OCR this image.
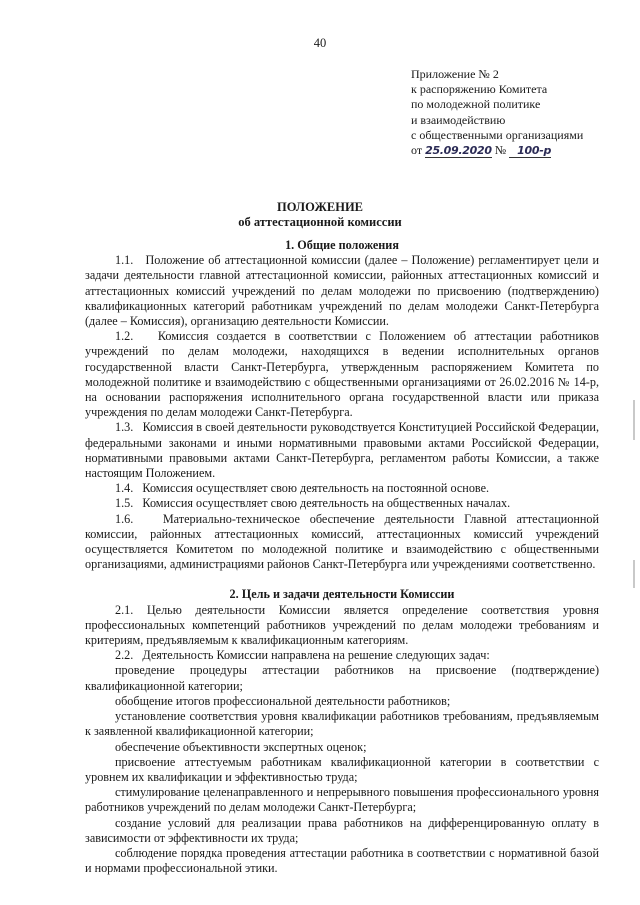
40
Приложение № 2
к распоряжению Комитета
по молодежной политике
и взаимодействию
с общественными организациями
от 25.09.2020 № 100-р
ПОЛОЖЕНИЕ
об аттестационной комиссии

1. Общие положения

1.1.   Положение об аттестационной комиссии (далее – Положение) регламентирует цели и задачи деятельности главной аттестационной комиссии, районных аттестационных комиссий и аттестационных комиссий учреждений по делам молодежи по присвоению (подтверждению) квалификационных категорий работникам учреждений по делам молодежи Санкт-Петербурга (далее – Комиссия), организацию деятельности Комиссии.

1.2.   Комиссия создается в соответствии с Положением об аттестации работников учреждений по делам молодежи, находящихся в ведении исполнительных органов государственной власти Санкт-Петербурга, утвержденным распоряжением Комитета по молодежной политике и взаимодействию с общественными организациями от 26.02.2016 № 14-р, на основании распоряжения исполнительного органа государственной власти или приказа учреждения по делам молодежи Санкт-Петербурга.

1.3.   Комиссия в своей деятельности руководствуется Конституцией Российской Федерации, федеральными законами и иными нормативными правовыми актами Российской Федерации, нормативными правовыми актами Санкт-Петербурга, регламентом работы Комиссии, а также настоящим Положением.

1.4.   Комиссия осуществляет свою деятельность на постоянной основе.

1.5.   Комиссия осуществляет свою деятельность на общественных началах.

1.6.   Материально-техническое обеспечение деятельности Главной аттестационной комиссии, районных аттестационных комиссий, аттестационных комиссий учреждений осуществляется Комитетом по молодежной политике и взаимодействию с общественными организациями, администрациями районов Санкт-Петербурга или учреждениями соответственно.

2. Цель и задачи деятельности Комиссии

2.1. Целью деятельности Комиссии является определение соответствия уровня профессиональных компетенций работников учреждений по делам молодежи требованиям и критериям, предъявляемым к квалификационным категориям.

2.2.   Деятельность Комиссии направлена на решение следующих задач:

проведение процедуры аттестации работников на присвоение (подтверждение) квалификационной категории;

обобщение итогов профессиональной деятельности работников;

установление соответствия уровня квалификации работников требованиям, предъявляемым к заявленной квалификационной категории;

обеспечение объективности экспертных оценок;

присвоение аттестуемым работникам квалификационной категории в соответствии с уровнем их квалификации и эффективностью труда;

стимулирование целенаправленного и непрерывного повышения профессионального уровня работников учреждений по делам молодежи Санкт-Петербурга;

создание условий для реализации права работников на дифференцированную оплату в зависимости от эффективности их труда;

соблюдение порядка проведения аттестации работника в соответствии с нормативной базой и нормами профессиональной этики.
